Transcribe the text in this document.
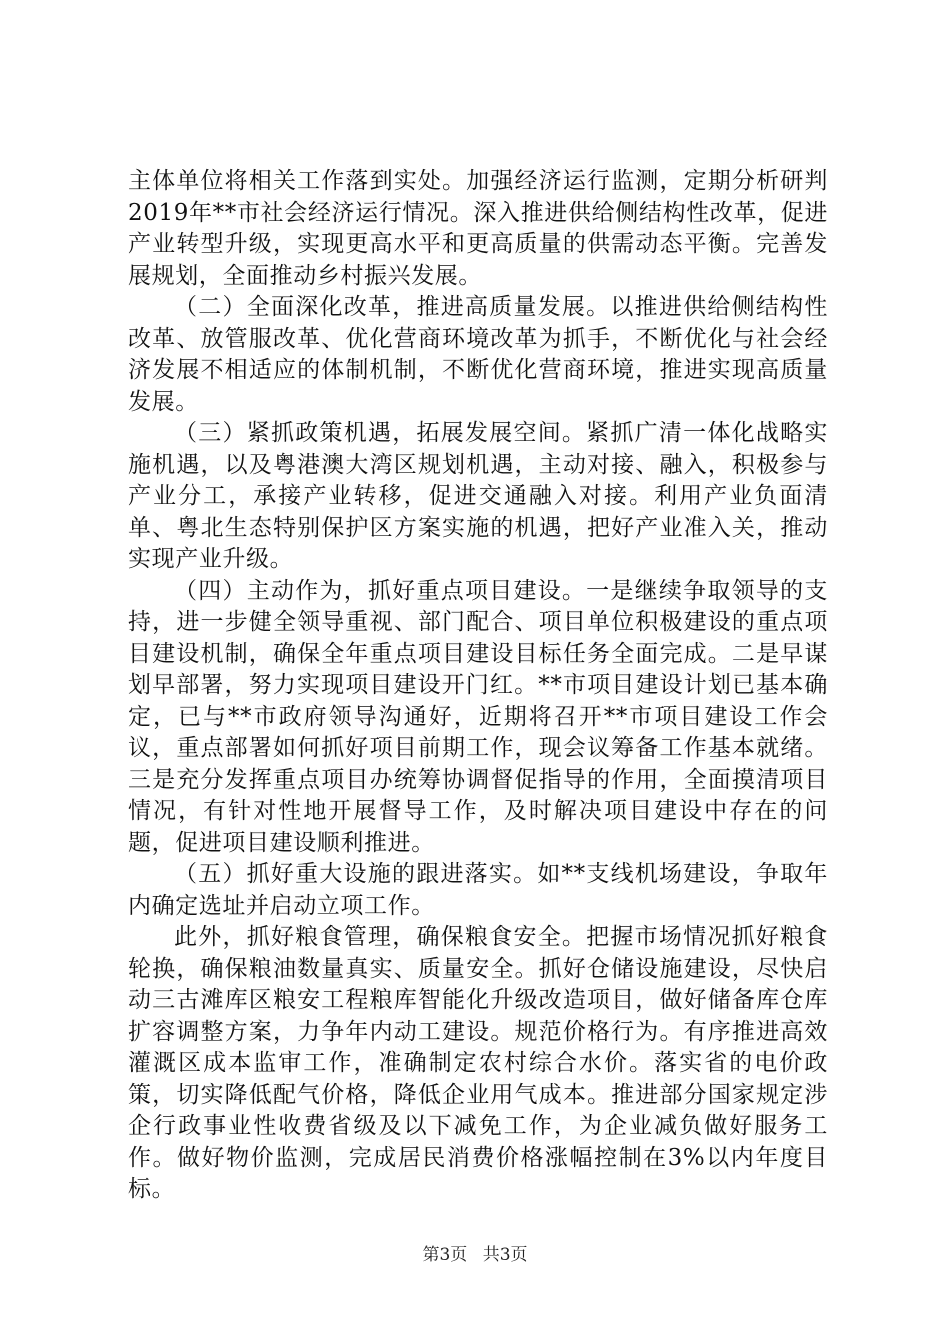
主体单位将相关工作落到实处。加强经济运行监测，定期分析研判2019年**市社会经济运行情况。深入推进供给侧结构性改革，促进产业转型升级，实现更高水平和更高质量的供需动态平衡。完善发展规划，全面推动乡村振兴发展。

（二）全面深化改革，推进高质量发展。以推进供给侧结构性改革、放管服改革、优化营商环境改革为抓手，不断优化与社会经济发展不相适应的体制机制，不断优化营商环境，推进实现高质量发展。

（三）紧抓政策机遇，拓展发展空间。紧抓广清一体化战略实施机遇，以及粤港澳大湾区规划机遇，主动对接、融入，积极参与产业分工，承接产业转移，促进交通融入对接。利用产业负面清单、粤北生态特别保护区方案实施的机遇，把好产业准入关，推动实现产业升级。

（四）主动作为，抓好重点项目建设。一是继续争取领导的支持，进一步健全领导重视、部门配合、项目单位积极建设的重点项目建设机制，确保全年重点项目建设目标任务全面完成。二是早谋划早部署，努力实现项目建设开门红。**市项目建设计划已基本确定，已与**市政府领导沟通好，近期将召开**市项目建设工作会议，重点部署如何抓好项目前期工作，现会议筹备工作基本就绪。三是充分发挥重点项目办统筹协调督促指导的作用，全面摸清项目情况，有针对性地开展督导工作，及时解决项目建设中存在的问题，促进项目建设顺利推进。

（五）抓好重大设施的跟进落实。如**支线机场建设，争取年内确定选址并启动立项工作。

此外，抓好粮食管理，确保粮食安全。把握市场情况抓好粮食轮换，确保粮油数量真实、质量安全。抓好仓储设施建设，尽快启动三古滩库区粮安工程粮库智能化升级改造项目，做好储备库仓库扩容调整方案，力争年内动工建设。规范价格行为。有序推进高效灌溉区成本监审工作，准确制定农村综合水价。落实省的电价政策，切实降低配气价格，降低企业用气成本。推进部分国家规定涉企行政事业性收费省级及以下减免工作，为企业减负做好服务工作。做好物价监测，完成居民消费价格涨幅控制在3%以内年度目标。

第3页 共3页
